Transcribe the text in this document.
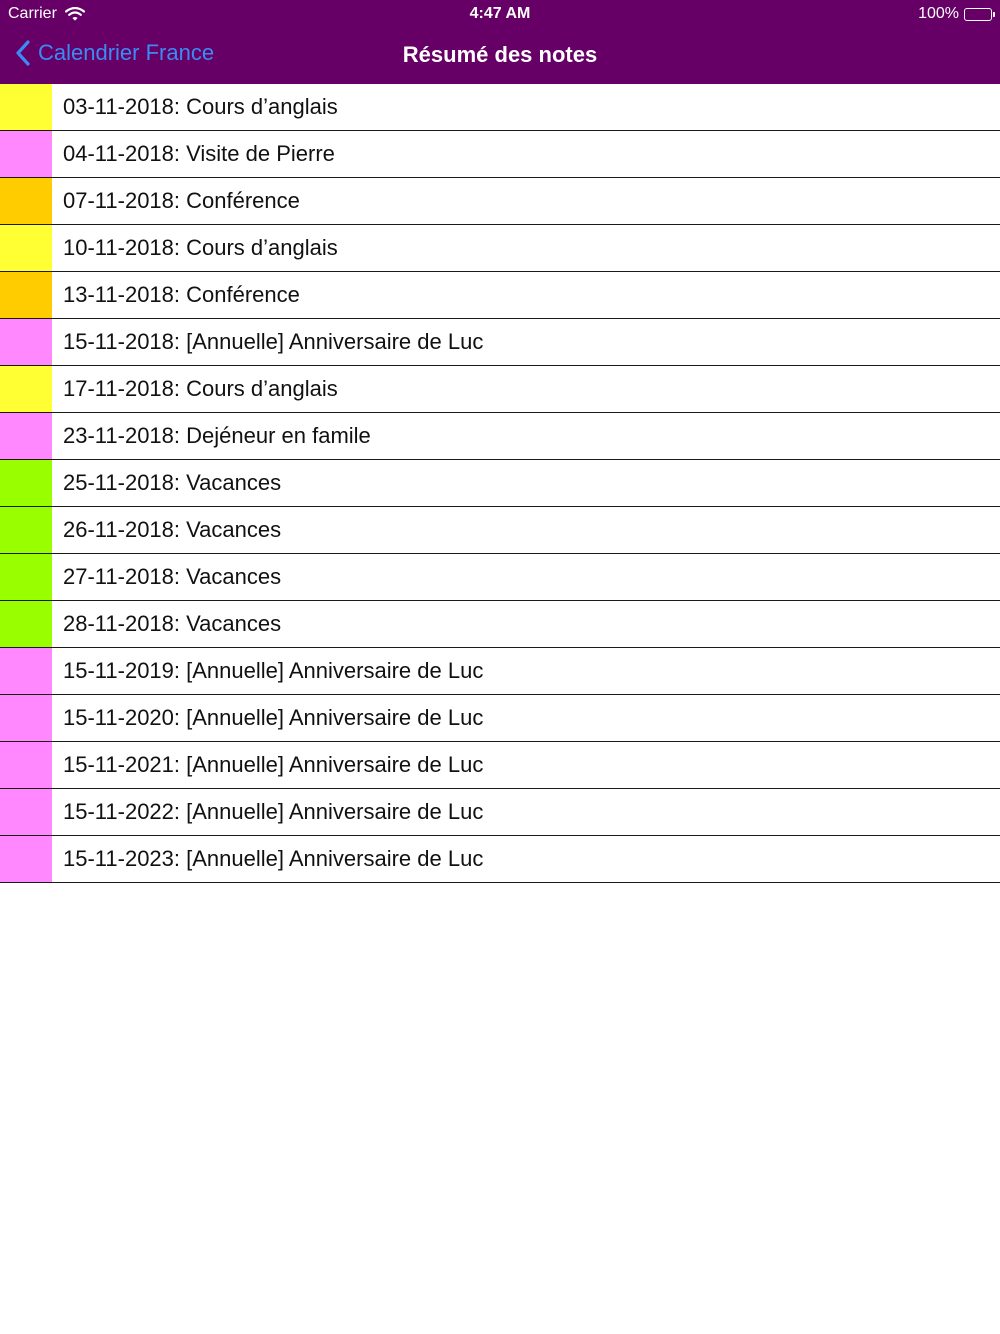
Carrier	4:47 AM	100%
Calendrier France	Résumé des notes
03-11-2018: Cours d’anglais
04-11-2018: Visite de Pierre
07-11-2018: Conférence
10-11-2018: Cours d’anglais
13-11-2018: Conférence
15-11-2018: [Annuelle] Anniversaire de Luc
17-11-2018: Cours d’anglais
23-11-2018: Dejéneur en famile
25-11-2018: Vacances
26-11-2018: Vacances
27-11-2018: Vacances
28-11-2018: Vacances
15-11-2019: [Annuelle] Anniversaire de Luc
15-11-2020: [Annuelle] Anniversaire de Luc
15-11-2021: [Annuelle] Anniversaire de Luc
15-11-2022: [Annuelle] Anniversaire de Luc
15-11-2023: [Annuelle] Anniversaire de Luc
